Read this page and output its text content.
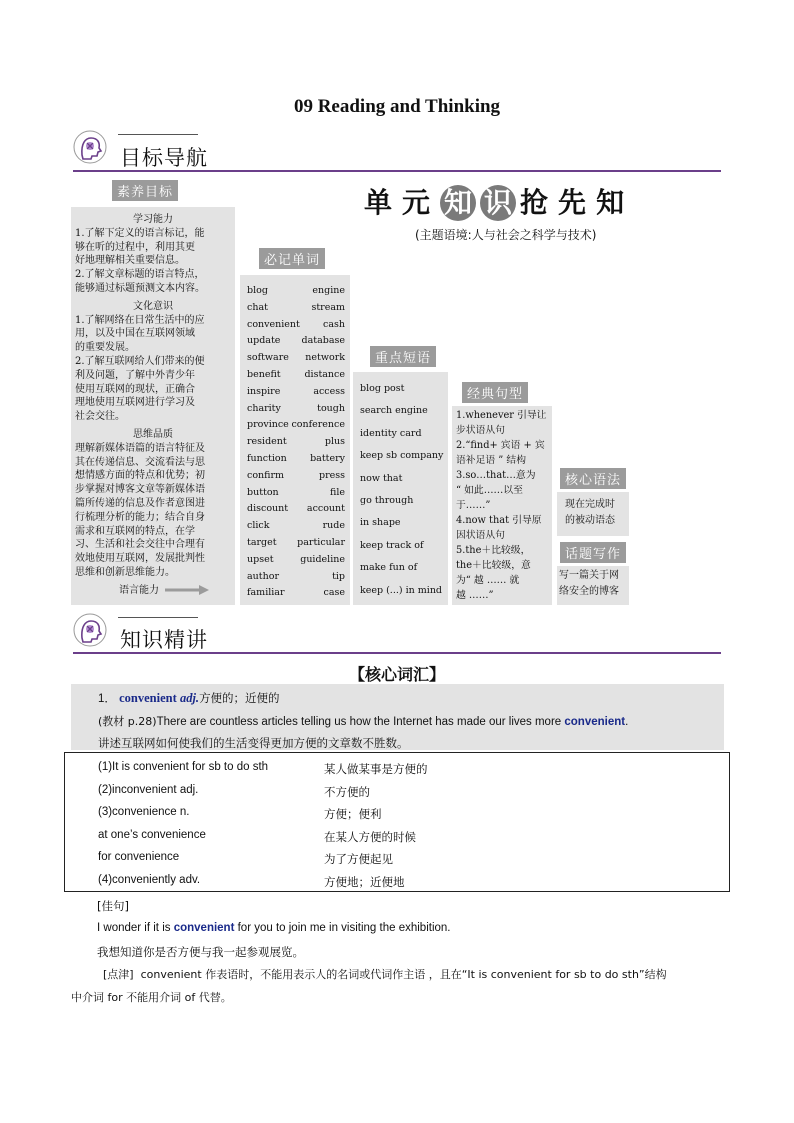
09 Reading and Thinking
目标导航
单元 知 识 抢先知
(主题语境:人与社会之科学与技术)
素养目标
学习能力
1.了解下定义的语言标记，能
够在听的过程中，利用其更
好地理解相关重要信息。
2.了解文章标题的语言特点，
能够通过标题预测文本内容。
文化意识
1.了解网络在日常生活中的应
用，以及中国在互联网领域
的重要发展。
2.了解互联网给人们带来的便
利及问题，了解中外青少年
使用互联网的现状，正确合
理地使用互联网进行学习及
社会交往。
思维品质
理解新媒体语篇的语言特征及
其在传递信息、交流看法与思
想情感方面的特点和优势；初
步掌握对博客文章等新媒体语
篇所传递的信息及作者意图进
行梳理分析的能力；结合自身
需求和互联网的特点，在学
习、生活和社会交往中合理有
效地使用互联网，发展批判性
思维和创新思维能力。
语言能力
必记单词
blog	engine
chat	stream
convenient cash
update database
software network
benefit	distance
inspire	access
charity	tough
province conference
resident	plus
function battery
confirm	press
button	file
discount account
click	rude
target particular
upset	guideline
author	tip
familiar	case
重点短语
blog post
search engine
identity card
keep sb company
now that
go through
in shape
keep track of
make fun of
keep (...) in mind
经典句型
1.whenever 引导让
步状语从句
2.“find+ 宾语 + 宾
语补足语 ” 结构
3.so…that…意为
“ 如此……以至
于……”
4.now that 引导原
因状语从句
5.the＋比较级，
the＋比较级，意
为“ 越 …… 就
越 ……”
核心语法
现在完成时
的被动语态
话题写作
写一篇关于网
络安全的博客
知识精讲
【核心词汇】
1． convenient adj.方便的；近便的
(教材 p.28)There are countless articles telling us how the Internet has made our lives more convenient.
讲述互联网如何使我们的生活变得更加方便的文章数不胜数。
(1)It is convenient for sb to do sth	某人做某事是方便的
(2)inconvenient adj.	不方便的
(3)convenience n.	方便；便利
at one’s convenience	在某人方便的时候
for convenience	为了方便起见
(4)conveniently adv.	方便地；近便地
[佳句]
I wonder if it is convenient for you to join me in visiting the exhibition.
我想知道你是否方便与我一起参观展览。
[点津] convenient 作表语时，不能用表示人的名词或代词作主语 ，且在“It is convenient for sb to do sth”结构
中介词 for 不能用介词 of 代替。
